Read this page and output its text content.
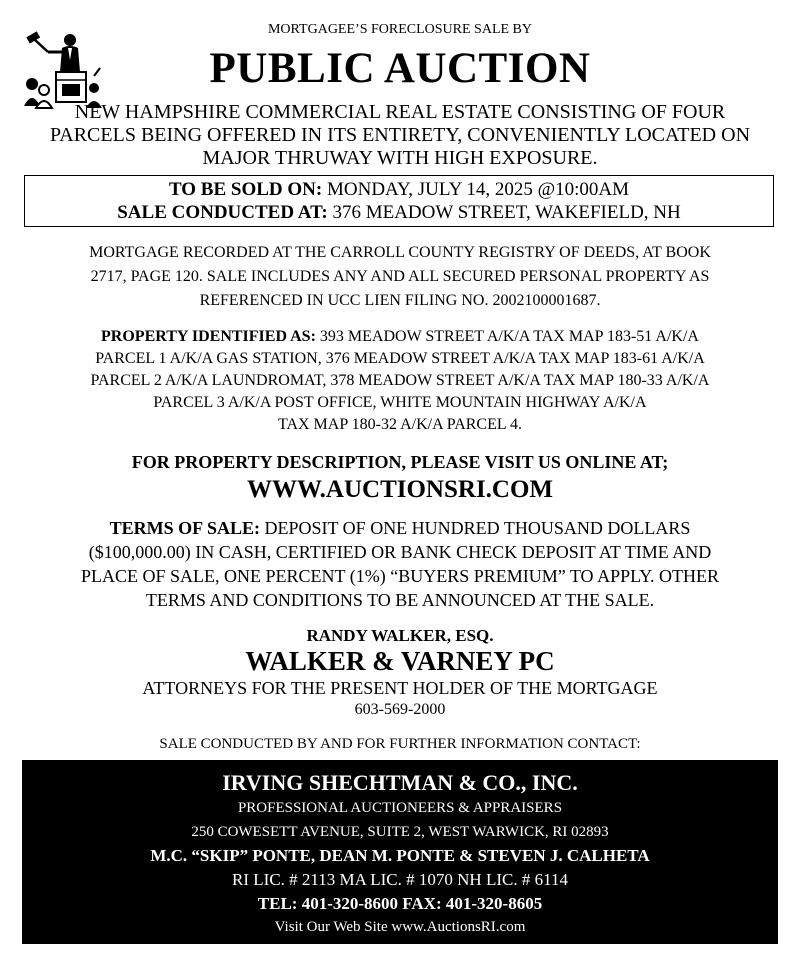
MORTGAGEE’S FORECLOSURE SALE BY
PUBLIC AUCTION
NEW HAMPSHIRE COMMERCIAL REAL ESTATE CONSISTING OF FOUR
PARCELS BEING OFFERED IN ITS ENTIRETY, CONVENIENTLY LOCATED ON
MAJOR THRUWAY WITH HIGH EXPOSURE.
TO BE SOLD ON: MONDAY, JULY 14, 2025 @10:00AM
SALE CONDUCTED AT: 376 MEADOW STREET, WAKEFIELD, NH
MORTGAGE RECORDED AT THE CARROLL COUNTY REGISTRY OF DEEDS, AT BOOK
2717, PAGE 120. SALE INCLUDES ANY AND ALL SECURED PERSONAL PROPERTY AS
REFERENCED IN UCC LIEN FILING NO. 2002100001687.
PROPERTY IDENTIFIED AS: 393 MEADOW STREET A/K/A TAX MAP 183-51 A/K/A
PARCEL 1 A/K/A GAS STATION, 376 MEADOW STREET A/K/A TAX MAP 183-61 A/K/A
PARCEL 2 A/K/A LAUNDROMAT, 378 MEADOW STREET A/K/A TAX MAP 180-33 A/K/A
PARCEL 3 A/K/A POST OFFICE, WHITE MOUNTAIN HIGHWAY A/K/A
TAX MAP 180-32 A/K/A PARCEL 4.
FOR PROPERTY DESCRIPTION, PLEASE VISIT US ONLINE AT;
WWW.AUCTIONSRI.COM
TERMS OF SALE: DEPOSIT OF ONE HUNDRED THOUSAND DOLLARS
($100,000.00) IN CASH, CERTIFIED OR BANK CHECK DEPOSIT AT TIME AND
PLACE OF SALE, ONE PERCENT (1%) “BUYERS PREMIUM” TO APPLY. OTHER
TERMS AND CONDITIONS TO BE ANNOUNCED AT THE SALE.
RANDY WALKER, ESQ.
WALKER & VARNEY PC
ATTORNEYS FOR THE PRESENT HOLDER OF THE MORTGAGE
603-569-2000
SALE CONDUCTED BY AND FOR FURTHER INFORMATION CONTACT:
IRVING SHECHTMAN & CO., INC.
PROFESSIONAL AUCTIONEERS & APPRAISERS
250 COWESETT AVENUE, SUITE 2, WEST WARWICK, RI 02893
M.C. “SKIP” PONTE, DEAN M. PONTE & STEVEN J. CALHETA
RI LIC. # 2113 MA LIC. # 1070 NH LIC. # 6114
TEL: 401-320-8600 FAX: 401-320-8605
Visit Our Web Site www.AuctionsRI.com
